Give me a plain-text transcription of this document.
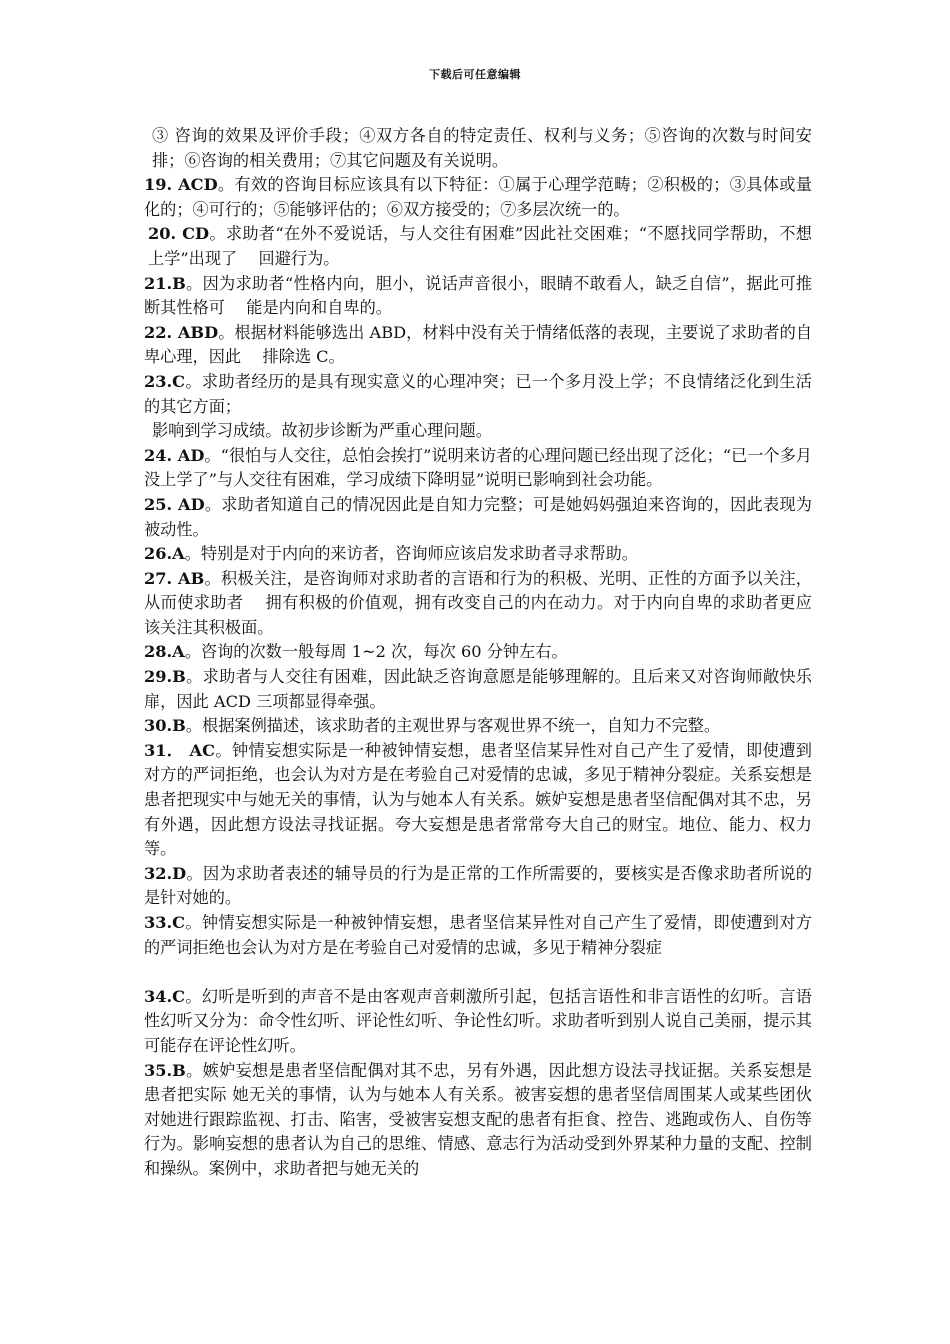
下载后可任意编辑

③ 咨询的效果及评价手段；④双方各自的特定责任、权利与义务；⑤咨询的次数与时间安排；⑥咨询的相关费用；⑦其它问题及有关说明。

19. ACD。有效的咨询目标应该具有以下特征：①属于心理学范畴；②积极的；③具体或量化的；④可行的；⑤能够评估的；⑥双方接受的；⑦多层次统一的。

20. CD。求助者“在外不爱说话，与人交往有困难”因此社交困难；“不愿找同学帮助，不想上学”出现了　 回避行为。

21.B。因为求助者“性格内向，胆小，说话声音很小，眼睛不敢看人，缺乏自信”，据此可推断其性格可　 能是内向和自卑的。

22. ABD。根据材料能够选出 ABD，材料中没有关于情绪低落的表现，主要说了求助者的自卑心理，因此　 排除选 C。

23.C。求助者经历的是具有现实意义的心理冲突；已一个多月没上学；不良情绪泛化到生活的其它方面；

影响到学习成绩。故初步诊断为严重心理问题。

24. AD。“很怕与人交往，总怕会挨打”说明来访者的心理问题已经出现了泛化；“已一个多月没上学了”与人交往有困难，学习成绩下降明显”说明已影响到社会功能。

25. AD。求助者知道自己的情况因此是自知力完整；可是她妈妈强迫来咨询的，因此表现为被动性。

26.A。特别是对于内向的来访者，咨询师应该启发求助者寻求帮助。

27. AB。积极关注，是咨询师对求助者的言语和行为的积极、光明、正性的方面予以关注，从而使求助者　 拥有积极的价值观，拥有改变自己的内在动力。对于内向自卑的求助者更应该关注其积极面。

28.A。咨询的次数一般每周 1~2 次，每次 60 分钟左右。

29.B。求助者与人交往有困难，因此缺乏咨询意愿是能够理解的。且后来又对咨询师敞快乐扉，因此 ACD 三项都显得牵强。

30.B。根据案例描述，该求助者的主观世界与客观世界不统一，自知力不完整。

31． AC。钟情妄想实际是一种被钟情妄想，患者坚信某异性对自己产生了爱情，即使遭到对方的严词拒绝，也会认为对方是在考验自己对爱情的忠诚，多见于精神分裂症。关系妄想是患者把现实中与她无关的事情，认为与她本人有关系。嫉妒妄想是患者坚信配偶对其不忠，另有外遇，因此想方设法寻找证据。夸大妄想是患者常常夸大自己的财宝。地位、能力、权力等。

32.D。因为求助者表述的辅导员的行为是正常的工作所需要的，要核实是否像求助者所说的是针对她的。

33.C。钟情妄想实际是一种被钟情妄想，患者坚信某异性对自己产生了爱情，即使遭到对方的严词拒绝也会认为对方是在考验自己对爱情的忠诚，多见于精神分裂症

34.C。幻听是听到的声音不是由客观声音刺激所引起，包括言语性和非言语性的幻听。言语性幻听又分为：命令性幻听、评论性幻听、争论性幻听。求助者听到别人说自己美丽，提示其可能存在评论性幻听。

35.B。嫉妒妄想是患者坚信配偶对其不忠，另有外遇，因此想方设法寻找证据。关系妄想是患者把实际 她无关的事情，认为与她本人有关系。被害妄想的患者坚信周围某人或某些团伙对她进行跟踪监视、打击、陷害，受被害妄想支配的患者有拒食、控告、逃跑或伤人、自伤等行为。影响妄想的患者认为自己的思维、情感、意志行为活动受到外界某种力量的支配、控制和操纵。案例中，求助者把与她无关的
